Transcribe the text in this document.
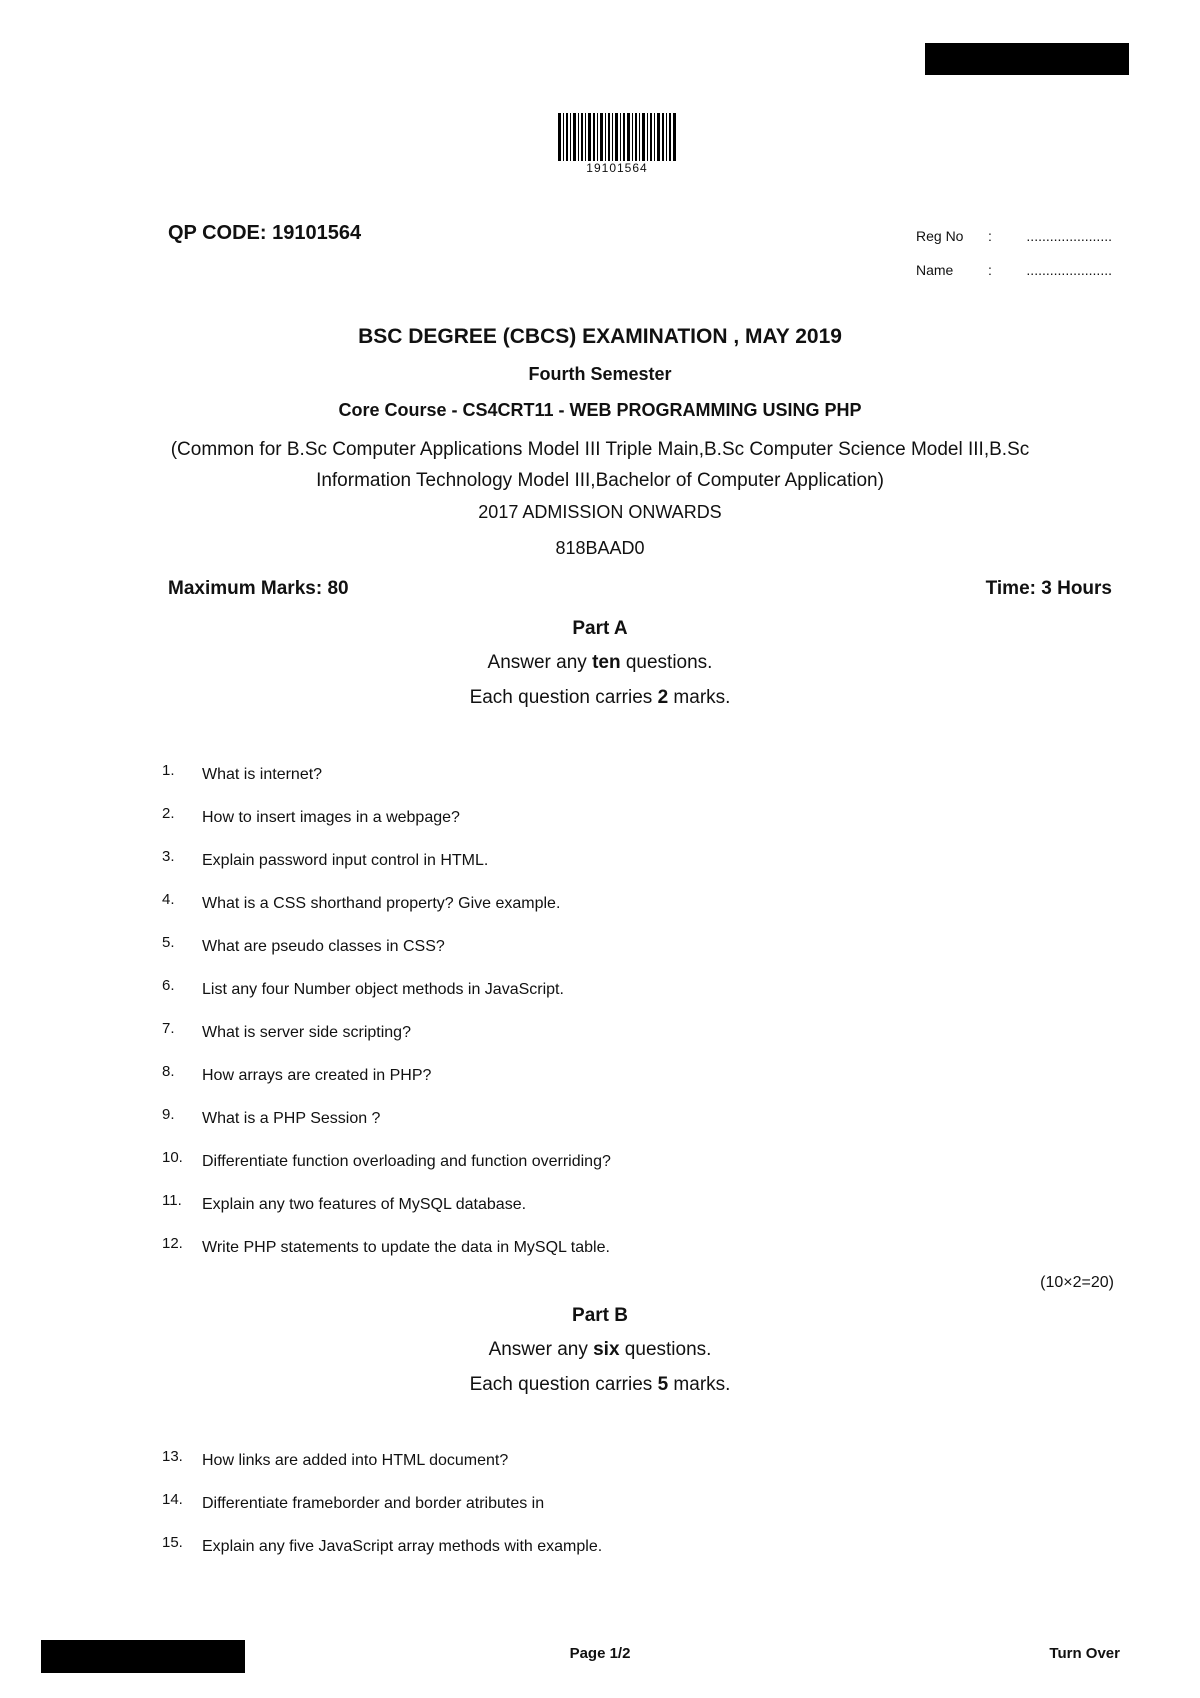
19101564
QP CODE: 19101564	Reg No	:	......................
Name	:	......................
BSC DEGREE (CBCS) EXAMINATION , MAY 2019
Fourth Semester
Core Course - CS4CRT11 - WEB PROGRAMMING USING PHP
(Common for B.Sc Computer Applications Model III Triple Main,B.Sc Computer Science Model III,B.Sc Information Technology Model III,Bachelor of Computer Application)
2017 ADMISSION ONWARDS
818BAAD0
Maximum Marks: 80	Time: 3 Hours
Part A
Answer any ten questions.
Each question carries 2 marks.
1.	What is internet?
2.	How to insert images in a webpage?
3.	Explain password input control in HTML.
4.	What is a CSS shorthand property? Give example.
5.	What are pseudo classes in CSS?
6.	List any four Number object methods in JavaScript.
7.	What is server side scripting?
8.	How arrays are created in PHP?
9.	What is a PHP Session ?
10.	Differentiate function overloading and function overriding?
11.	Explain any two features of MySQL database.
12.	Write PHP statements to update the data in MySQL table.
(10×2=20)
Part B
Answer any six questions.
Each question carries 5 marks.
13.	How links are added into HTML document?
14.	Differentiate frameborder and border atributes in
15.	Explain any five JavaScript array methods with example.
Page 1/2	Turn Over
